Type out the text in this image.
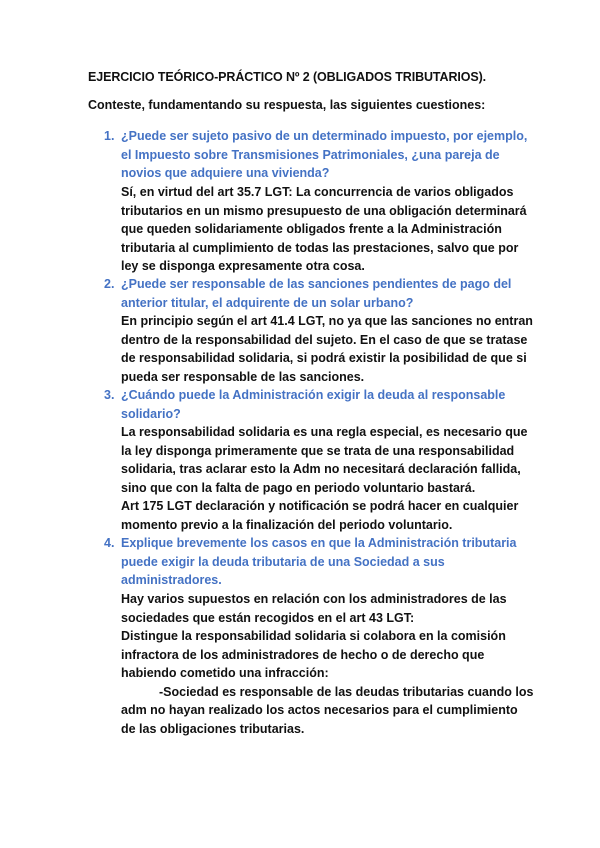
EJERCICIO TEÓRICO-PRÁCTICO Nº 2 (OBLIGADOS TRIBUTARIOS).
Conteste, fundamentando su respuesta, las siguientes cuestiones:
1. ¿Puede ser sujeto pasivo de un determinado impuesto, por ejemplo,
el Impuesto sobre Transmisiones Patrimoniales, ¿una pareja de
novios que adquiere una vivienda?
Sí, en virtud del art 35.7 LGT: La concurrencia de varios obligados
tributarios en un mismo presupuesto de una obligación determinará
que queden solidariamente obligados frente a la Administración
tributaria al cumplimiento de todas las prestaciones, salvo que por
ley se disponga expresamente otra cosa.
2. ¿Puede ser responsable de las sanciones pendientes de pago del
anterior titular, el adquirente de un solar urbano?
En principio según el art 41.4 LGT, no ya que las sanciones no entran
dentro de la responsabilidad del sujeto. En el caso de que se tratase
de responsabilidad solidaria, si podrá existir la posibilidad de que si
pueda ser responsable de las sanciones.
3. ¿Cuándo puede la Administración exigir la deuda al responsable
solidario?
La responsabilidad solidaria es una regla especial, es necesario que
la ley disponga primeramente que se trata de una responsabilidad
solidaria, tras aclarar esto la Adm no necesitará declaración fallida,
sino que con la falta de pago en periodo voluntario bastará.
Art 175 LGT declaración y notificación se podrá hacer en cualquier
momento previo a la finalización del periodo voluntario.
4. Explique brevemente los casos en que la Administración tributaria
puede exigir la deuda tributaria de una Sociedad a sus
administradores.
Hay varios supuestos en relación con los administradores de las
sociedades que están recogidos en el art 43 LGT:
Distingue la responsabilidad solidaria si colabora en la comisión
infractora de los administradores de hecho o de derecho que
habiendo cometido una infracción:
-Sociedad es responsable de las deudas tributarias cuando los
adm no hayan realizado los actos necesarios para el cumplimiento
de las obligaciones tributarias.
